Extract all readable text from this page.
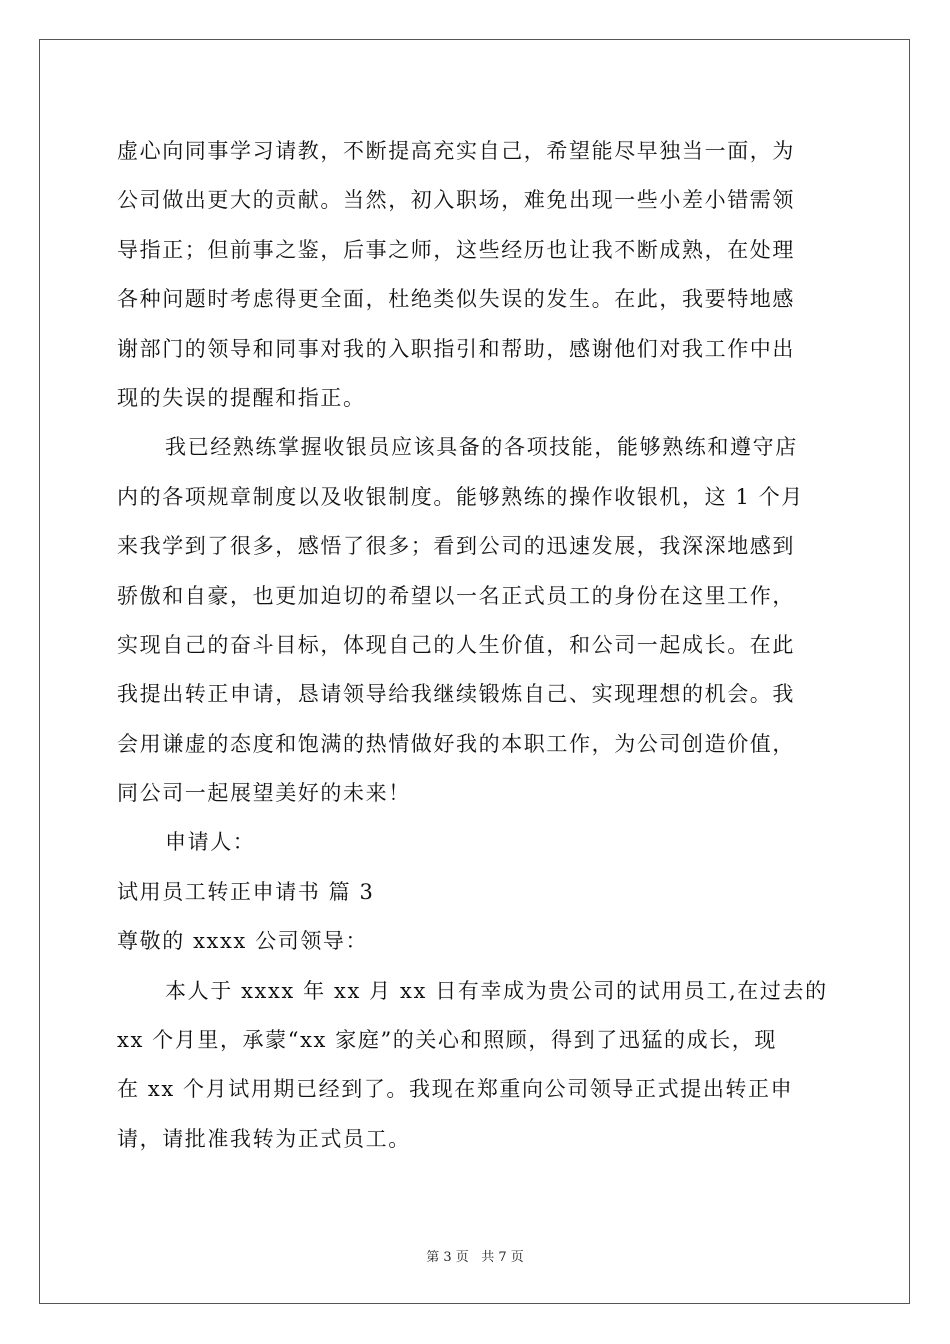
虚心向同事学习请教，不断提高充实自己，希望能尽早独当一面，为
公司做出更大的贡献。当然，初入职场，难免出现一些小差小错需领
导指正；但前事之鉴，后事之师，这些经历也让我不断成熟，在处理
各种问题时考虑得更全面，杜绝类似失误的发生。在此，我要特地感
谢部门的领导和同事对我的入职指引和帮助，感谢他们对我工作中出
现的失误的提醒和指正。
我已经熟练掌握收银员应该具备的各项技能，能够熟练和遵守店
内的各项规章制度以及收银制度。能够熟练的操作收银机，这 1 个月
来我学到了很多，感悟了很多；看到公司的迅速发展，我深深地感到
骄傲和自豪，也更加迫切的希望以一名正式员工的身份在这里工作，
实现自己的奋斗目标，体现自己的人生价值，和公司一起成长。在此
我提出转正申请，恳请领导给我继续锻炼自己、实现理想的机会。我
会用谦虚的态度和饱满的热情做好我的本职工作，为公司创造价值，
同公司一起展望美好的未来！
申请人：
试用员工转正申请书 篇 3
尊敬的 xxxx 公司领导：
本人于 xxxx 年 xx 月 xx 日有幸成为贵公司的试用员工,在过去的
xx 个月里，承蒙“xx 家庭”的关心和照顾，得到了迅猛的成长，现
在 xx 个月试用期已经到了。我现在郑重向公司领导正式提出转正申
请，请批准我转为正式员工。
第 3 页   共 7 页
